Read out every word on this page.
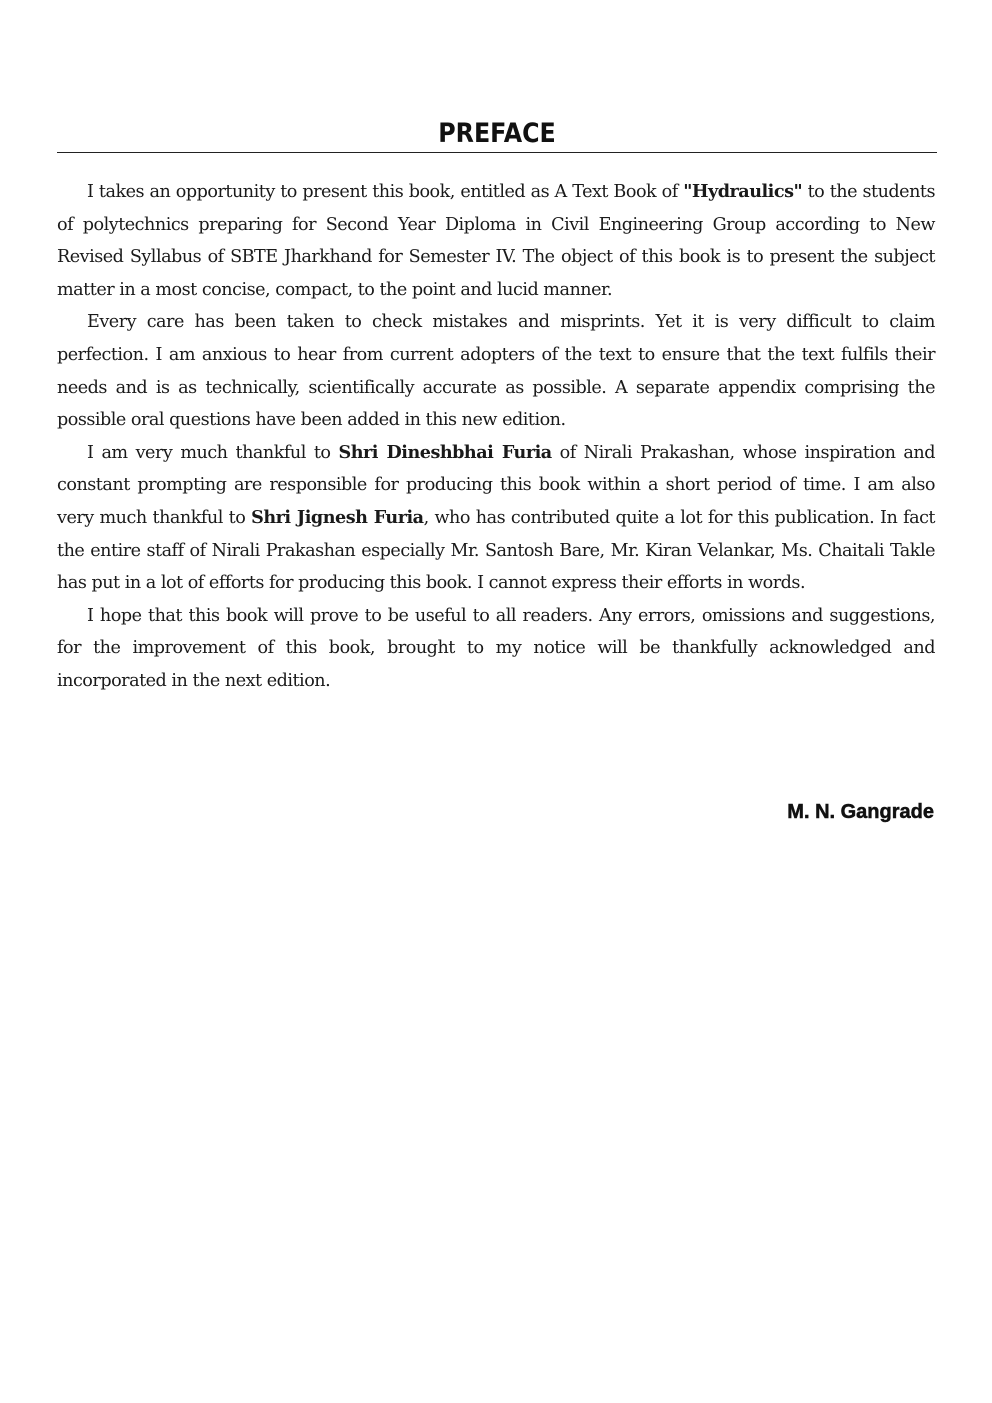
PREFACE

I takes an opportunity to present this book, entitled as A Text Book of "Hydraulics" to the students of polytechnics preparing for Second Year Diploma in Civil Engineering Group according to New Revised Syllabus of SBTE Jharkhand for Semester IV. The object of this book is to present the subject matter in a most concise, compact, to the point and lucid manner.

Every care has been taken to check mistakes and misprints. Yet it is very difficult to claim perfection. I am anxious to hear from current adopters of the text to ensure that the text fulfils their needs and is as technically, scientifically accurate as possible. A separate appendix comprising the possible oral questions have been added in this new edition.

I am very much thankful to Shri Dineshbhai Furia of Nirali Prakashan, whose inspiration and constant prompting are responsible for producing this book within a short period of time. I am also very much thankful to Shri Jignesh Furia, who has contributed quite a lot for this publication. In fact the entire staff of Nirali Prakashan especially Mr. Santosh Bare, Mr. Kiran Velankar, Ms. Chaitali Takle has put in a lot of efforts for producing this book. I cannot express their efforts in words.

I hope that this book will prove to be useful to all readers. Any errors, omissions and suggestions, for the improvement of this book, brought to my notice will be thankfully acknowledged and incorporated in the next edition.

M. N. Gangrade
